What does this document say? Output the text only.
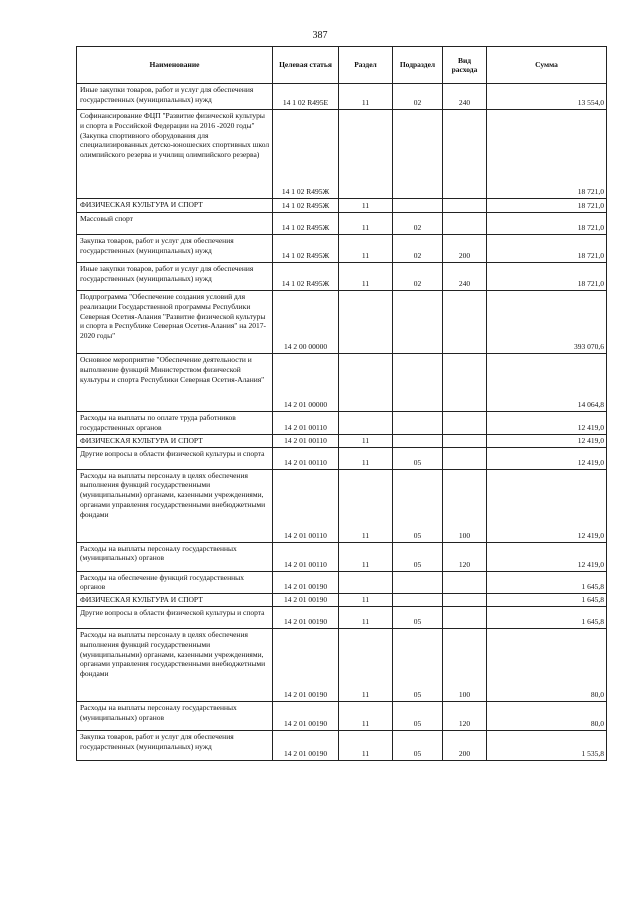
387
Наименование	Целевая статья	Раздел	Подраздел	Вид расхода	Сумма
Иные закупки товаров, работ и услуг для обеспечения государственных (муниципальных) нужд	14 1 02 R495E	11	02	240	13 554,0
Софинансирование ФЦП "Развитие физической культуры и спорта в Российской Федерации на 2016 -2020 годы" (Закупка спортивного оборудования для специализированных детско-юношеских спортивных школ олимпийского резерва и училищ олимпийского резерва)	14 1 02 R495Ж				18 721,0
ФИЗИЧЕСКАЯ КУЛЬТУРА И СПОРТ	14 1 02 R495Ж	11			18 721,0
Массовый спорт	14 1 02 R495Ж	11	02		18 721,0
Закупка товаров, работ и услуг для обеспечения государственных (муниципальных) нужд	14 1 02 R495Ж	11	02	200	18 721,0
Иные закупки товаров, работ и услуг для обеспечения государственных (муниципальных) нужд	14 1 02 R495Ж	11	02	240	18 721,0
Подпрограмма "Обеспечение создания условий для реализации Государственной программы Республики Северная Осетия-Алания "Развитие физической культуры и спорта в Республике Северная Осетия-Алания" на 2017-2020 годы"	14 2 00 00000				393 070,6
Основное мероприятие "Обеспечение деятельности и выполнение функций Министерством физической культуры и спорта Республики Северная Осетия-Алания"	14 2 01 00000				14 064,8
Расходы на выплаты по оплате труда работников государственных органов	14 2 01 00110				12 419,0
ФИЗИЧЕСКАЯ КУЛЬТУРА И СПОРТ	14 2 01 00110	11			12 419,0
Другие вопросы в области физической культуры и спорта	14 2 01 00110	11	05		12 419,0
Расходы на выплаты персоналу в целях обеспечения выполнения функций государственными (муниципальными) органами, казенными учреждениями, органами управления государственными внебюджетными фондами	14 2 01 00110	11	05	100	12 419,0
Расходы на выплаты персоналу государственных (муниципальных) органов	14 2 01 00110	11	05	120	12 419,0
Расходы на обеспечение функций государственных органов	14 2 01 00190				1 645,8
ФИЗИЧЕСКАЯ КУЛЬТУРА И СПОРТ	14 2 01 00190	11			1 645,8
Другие вопросы в области физической культуры и спорта	14 2 01 00190	11	05		1 645,8
Расходы на выплаты персоналу в целях обеспечения выполнения функций государственными (муниципальными) органами, казенными учреждениями, органами управления государственными внебюджетными фондами	14 2 01 00190	11	05	100	80,0
Расходы на выплаты персоналу государственных (муниципальных) органов	14 2 01 00190	11	05	120	80,0
Закупка товаров, работ и услуг для обеспечения государственных (муниципальных) нужд	14 2 01 00190	11	05	200	1 535,8
